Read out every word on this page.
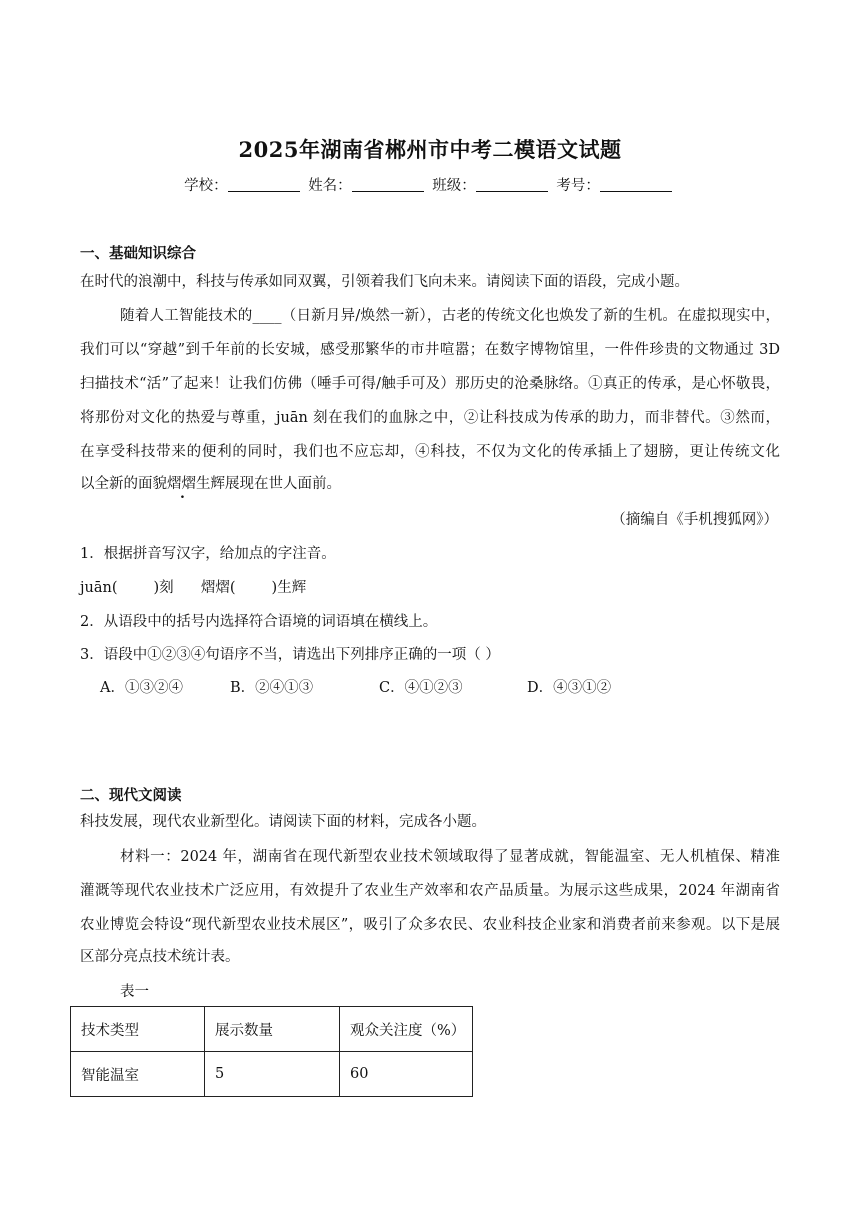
2025年湖南省郴州市中考二模语文试题
学校：	姓名：	班级：	考号：
一、基础知识综合
在时代的浪潮中，科技与传承如同双翼，引领着我们飞向未来。请阅读下面的语段，完成小题。
随着人工智能技术的____（日新月异/焕然一新），古老的传统文化也焕发了新的生机。在虚拟现实中，
我们可以“穿越”到千年前的长安城，感受那繁华的市井喧嚣；在数字博物馆里，一件件珍贵的文物通过 3D
扫描技术“活”了起来！让我们仿佛（唾手可得/触手可及）那历史的沧桑脉络。①真正的传承，是心怀敬畏，
将那份对文化的热爱与尊重，juān 刻在我们的血脉之中，②让科技成为传承的助力，而非替代。③然而，
在享受科技带来的便利的同时，我们也不应忘却，④科技，不仅为文化的传承插上了翅膀，更让传统文化
以全新的面貌熠熠生辉展现在世人面前。
（摘编自《手机搜狐网》）
1．根据拼音写汉字，给加点的字注音。
juān( )刻 熠熠( )生辉
2．从语段中的括号内选择符合语境的词语填在横线上。
3．语段中①②③④句语序不当，请选出下列排序正确的一项（ ）
A．①③②④	B．②④①③	C．④①②③	D．④③①②
二、现代文阅读
科技发展，现代农业新型化。请阅读下面的材料，完成各小题。
材料一：2024 年，湖南省在现代新型农业技术领域取得了显著成就，智能温室、无人机植保、精准
灌溉等现代农业技术广泛应用，有效提升了农业生产效率和农产品质量。为展示这些成果，2024 年湖南省
农业博览会特设“现代新型农业技术展区”，吸引了众多农民、农业科技企业家和消费者前来参观。以下是展
区部分亮点技术统计表。
表一
技术类型	展示数量	观众关注度（%）
智能温室	5	60
